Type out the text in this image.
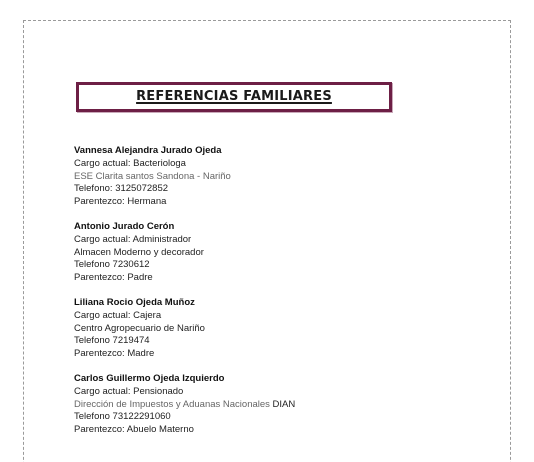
REFERENCIAS FAMILIARES
Vannesa Alejandra Jurado Ojeda
Cargo actual: Bacteriologa
ESE Clarita santos Sandona - Nariño
Telefono: 3125072852
Parentezco: Hermana
Antonio Jurado Cerón
Cargo actual: Administrador
Almacen Moderno y decorador
Telefono 7230612
Parentezco: Padre
Liliana Rocio Ojeda Muñoz
Cargo actual: Cajera
Centro Agropecuario de Nariño
Telefono 7219474
Parentezco: Madre
Carlos Guillermo Ojeda Izquierdo
Cargo actual: Pensionado
Dirección de Impuestos y Aduanas Nacionales DIAN
Telefono 73122291060
Parentezco: Abuelo Materno
